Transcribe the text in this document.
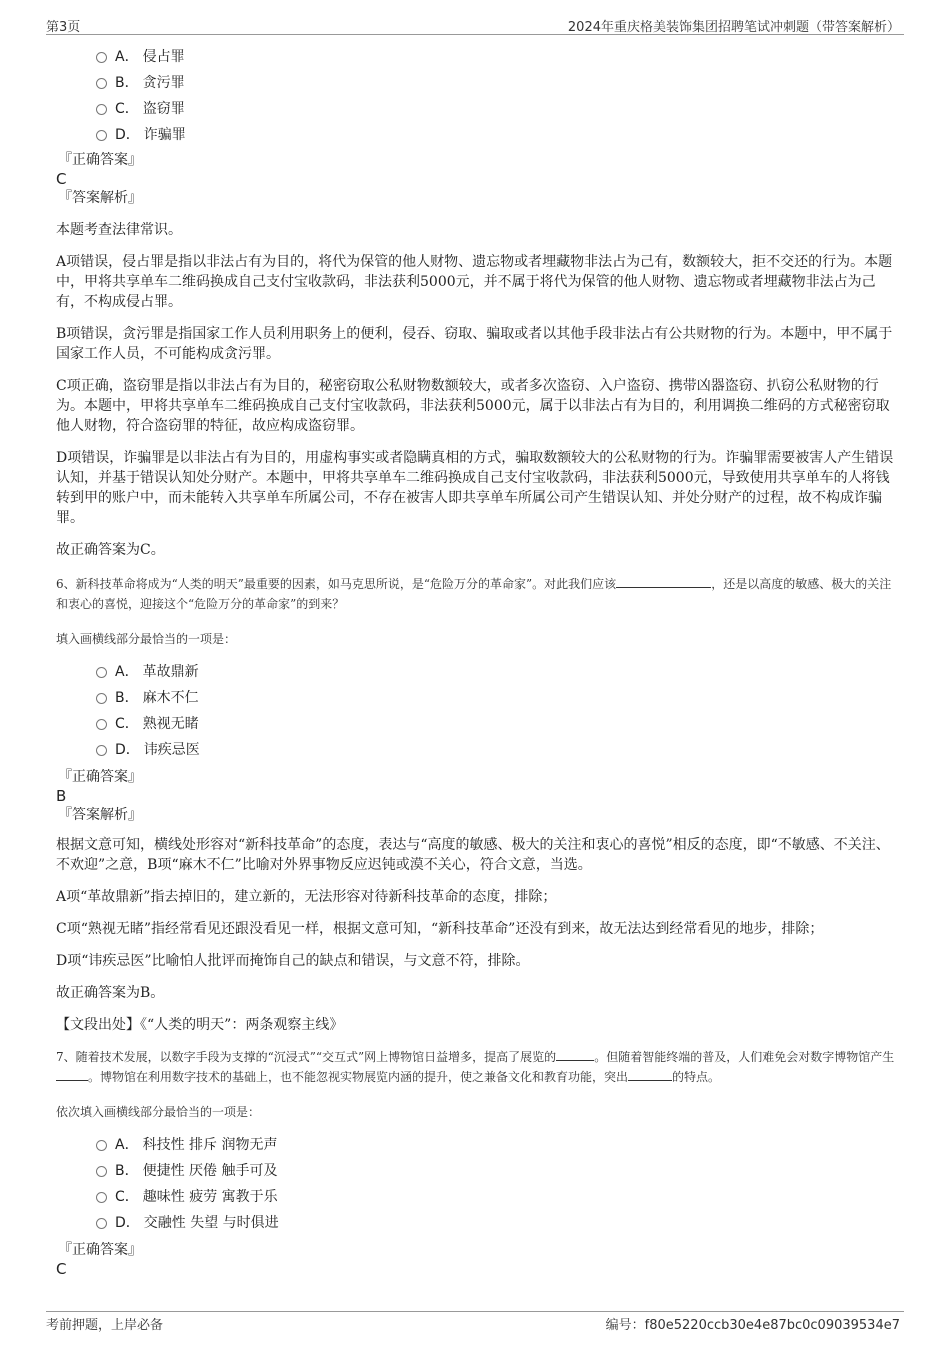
第3页	2024年重庆格美装饰集团招聘笔试冲刺题（带答案解析）
A． 侵占罪
B． 贪污罪
C． 盗窃罪
D． 诈骗罪
『正确答案』
C
『答案解析』

本题考查法律常识。

A项错误，侵占罪是指以非法占有为目的，将代为保管的他人财物、遗忘物或者埋藏物非法占为己有，数额较大，拒不交还的行为。本题中，甲将共享单车二维码换成自己支付宝收款码，非法获利5000元，并不属于将代为保管的他人财物、遗忘物或者埋藏物非法占为己有，不构成侵占罪。

B项错误，贪污罪是指国家工作人员利用职务上的便利，侵吞、窃取、骗取或者以其他手段非法占有公共财物的行为。本题中，甲不属于国家工作人员，不可能构成贪污罪。

C项正确，盗窃罪是指以非法占有为目的，秘密窃取公私财物数额较大，或者多次盗窃、入户盗窃、携带凶器盗窃、扒窃公私财物的行为。本题中，甲将共享单车二维码换成自己支付宝收款码，非法获利5000元，属于以非法占有为目的，利用调换二维码的方式秘密窃取他人财物，符合盗窃罪的特征，故应构成盗窃罪。

D项错误，诈骗罪是以非法占有为目的，用虚构事实或者隐瞒真相的方式，骗取数额较大的公私财物的行为。诈骗罪需要被害人产生错误认知，并基于错误认知处分财产。本题中，甲将共享单车二维码换成自己支付宝收款码，非法获利5000元，导致使用共享单车的人将钱转到甲的账户中，而未能转入共享单车所属公司，不存在被害人即共享单车所属公司产生错误认知、并处分财产的过程，故不构成诈骗罪。

故正确答案为C。

6、新科技革命将成为“人类的明天”最重要的因素，如马克思所说，是“危险万分的革命家”。对此我们应该	，还是以高度的敏感、极大的关注和衷心的喜悦，迎接这个“危险万分的革命家”的到来？

填入画横线部分最恰当的一项是：

A． 革故鼎新
B． 麻木不仁
C． 熟视无睹
D． 讳疾忌医
『正确答案』
B
『答案解析』

根据文意可知，横线处形容对“新科技革命”的态度，表达与“高度的敏感、极大的关注和衷心的喜悦”相反的态度，即“不敏感、不关注、不欢迎”之意，B项“麻木不仁”比喻对外界事物反应迟钝或漠不关心，符合文意，当选。

A项“革故鼎新”指去掉旧的，建立新的，无法形容对待新科技革命的态度，排除；

C项“熟视无睹”指经常看见还跟没看见一样，根据文意可知，“新科技革命”还没有到来，故无法达到经常看见的地步，排除；

D项“讳疾忌医”比喻怕人批评而掩饰自己的缺点和错误，与文意不符，排除。

故正确答案为B。

【文段出处】《“人类的明天”：两条观察主线》

7、随着技术发展，以数字手段为支撑的“沉浸式”“交互式”网上博物馆日益增多，提高了展览的	。但随着智能终端的普及，人们难免会对数字博物馆产生。博物馆在利用数字技术的基础上，也不能忽视实物展览内涵的提升，使之兼备文化和教育功能，突出	的特点。

依次填入画横线部分最恰当的一项是：

A． 科技性 排斥 润物无声
B． 便捷性 厌倦 触手可及
C． 趣味性 疲劳 寓教于乐
D． 交融性 失望 与时俱进
『正确答案』
C
考前押题，上岸必备	编号：f80e5220ccb30e4e87bc0c09039534e7
